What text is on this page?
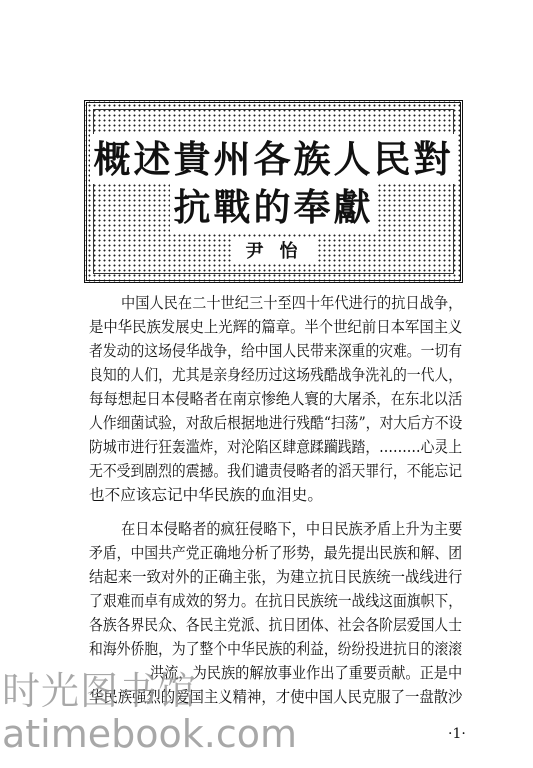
概述貴州各族人民對
抗戰的奉獻
尹怡
中国人民在二十世纪三十至四十年代进行的抗日战争，
是中华民族发展史上光辉的篇章。半个世纪前日本军国主义
者发动的这场侵华战争，给中国人民带来深重的灾难。一切有
良知的人们，尤其是亲身经历过这场残酷战争洗礼的一代人，
每每想起日本侵略者在南京惨绝人寰的大屠杀，在东北以活
人作细菌试验，对敌后根据地进行残酷“扫荡”，对大后方不设
防城市进行狂轰滥炸，对沦陷区肆意蹂躏践踏，………心灵上
无不受到剧烈的震撼。我们谴责侵略者的滔天罪行，不能忘记
也不应该忘记中华民族的血泪史。
在日本侵略者的疯狂侵略下，中日民族矛盾上升为主要
矛盾，中国共产党正确地分析了形势，最先提出民族和解、团
结起来一致对外的正确主张，为建立抗日民族统一战线进行
了艰难而卓有成效的努力。在抗日民族统一战线这面旗帜下，
各族各界民众、各民主党派、抗日团体、社会各阶层爱国人士
和海外侨胞，为了整个中华民族的利益，纷纷投进抗日的滚滚
洪流，为民族的解放事业作出了重要贡献。正是中
华民族强烈的爱国主义精神，才使中国人民克服了一盘散沙
时光图书馆
atimebook.com	·1·
